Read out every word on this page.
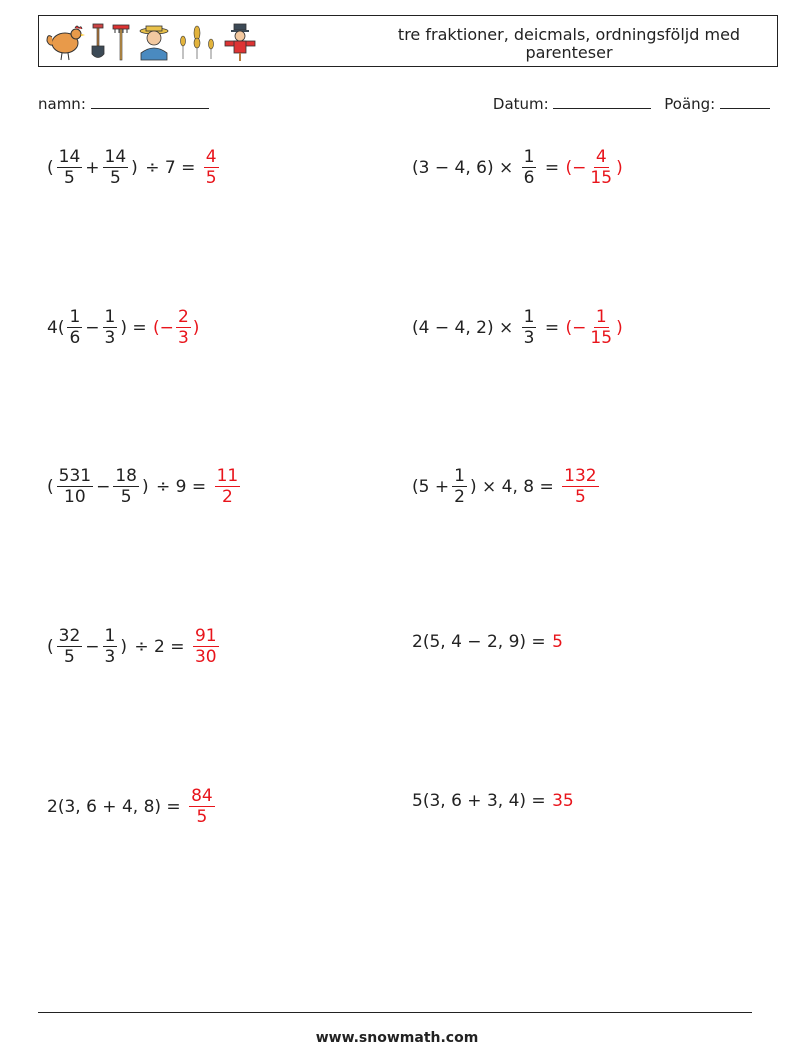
tre fraktioner, deicmals, ordningsföljd med parenteser
namn:	Datum:	Poäng:
( $\frac{14}{5} + \frac{14}{5}$ )
÷ 7 =
$\frac{4}{5}$	(3 − 4, 6) ×
$\frac{1}{6}$
=
(− $\frac{4}{15}$ )
$4( \frac{1}{6} - \frac{1}{3}$ ) =
(− $\frac{2}{3}$ )	(4 − 4, 2) ×
$\frac{1}{3}$
=
(− $\frac{1}{15}$ )
( $\frac{531}{10} - \frac{18}{5}$ )
÷ 9 =
$\frac{11}{2}$	($5 + \frac{1}{2}$ ) × 4, 8 =
$\frac{132}{5}$
( $\frac{32}{5} - \frac{1}{3}$ )
÷ 2 =
$\frac{91}{30}$	2(5, 4 − 2, 9) =
5
2(3, 6 + 4, 8) =
$\frac{84}{5}$	5(3, 6 + 3, 4) =
35
www.snowmath.com
